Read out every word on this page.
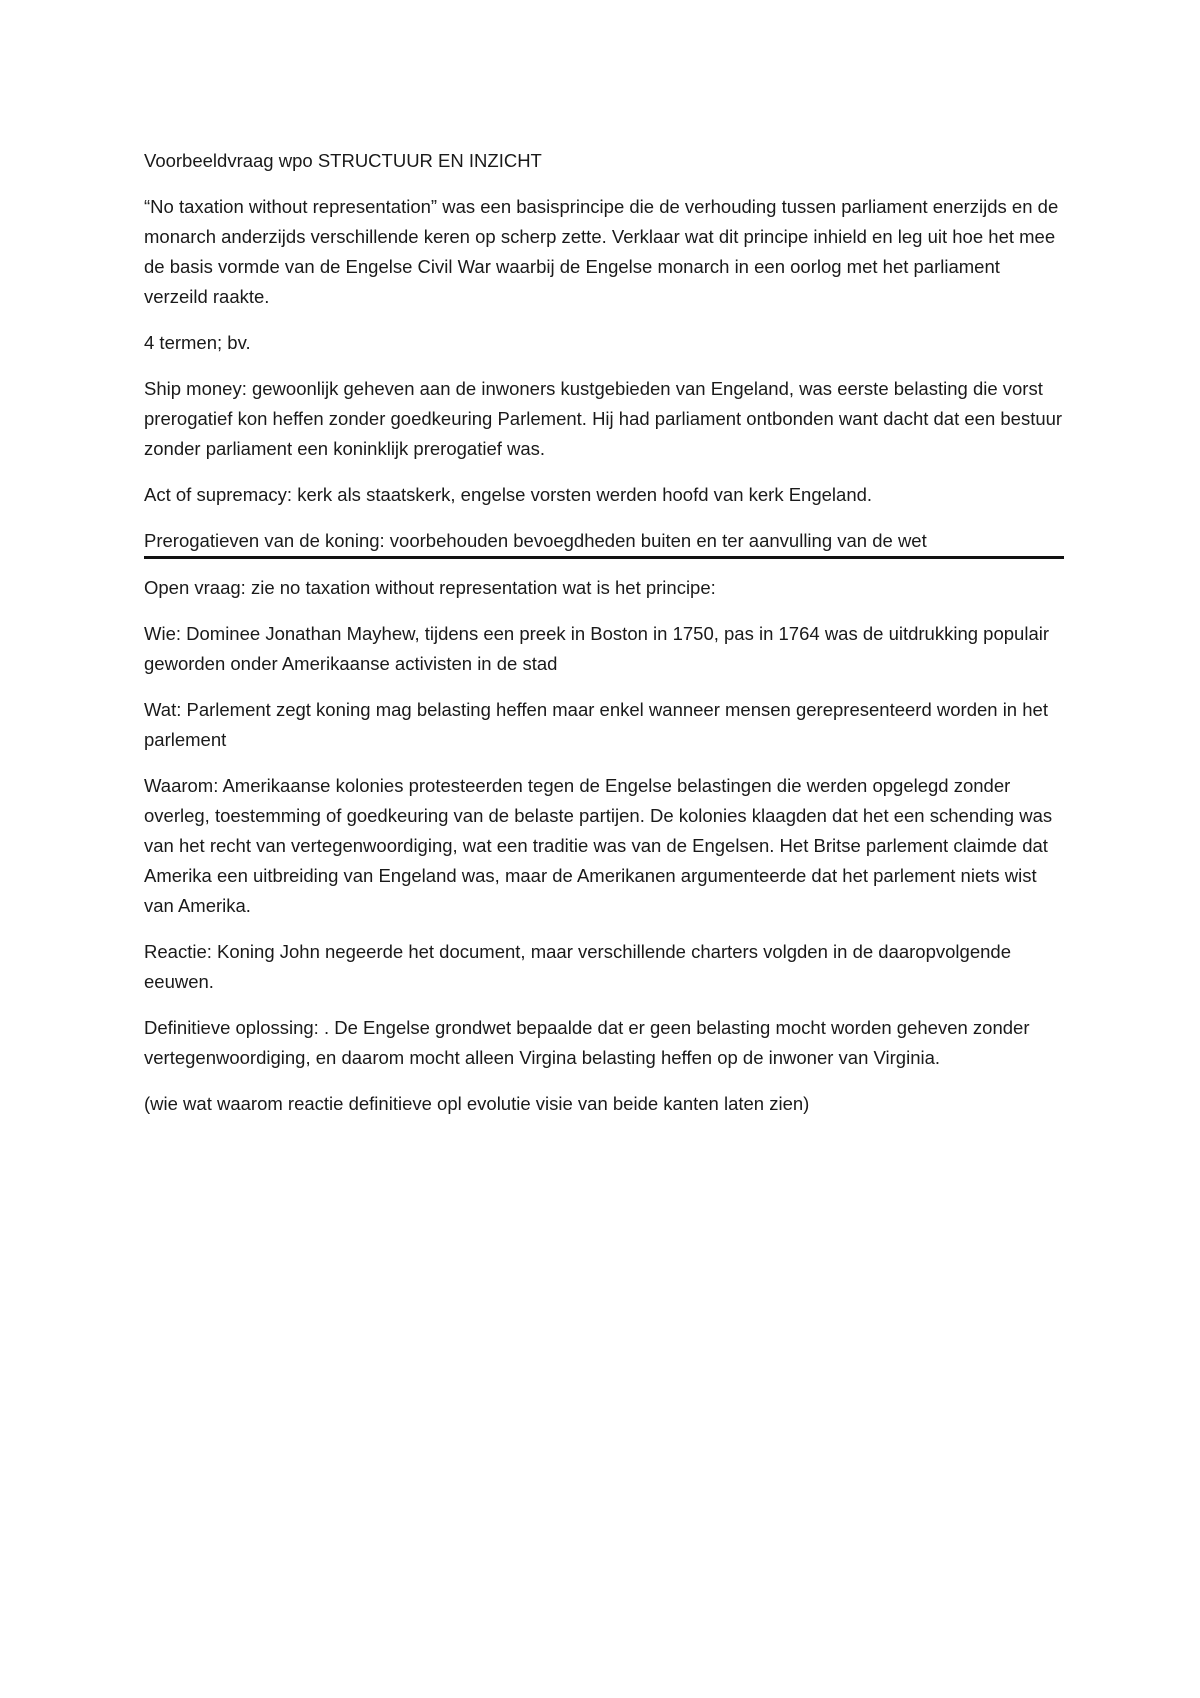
Voorbeeldvraag wpo STRUCTUUR EN INZICHT

“No taxation without representation” was een basisprincipe die de verhouding tussen parliament enerzijds en de monarch anderzijds verschillende keren op scherp zette. Verklaar wat dit principe inhield en leg uit hoe het mee de basis vormde van de Engelse Civil War waarbij de Engelse monarch in een oorlog met het parliament verzeild raakte.

4 termen; bv.

Ship money: gewoonlijk geheven aan de inwoners kustgebieden van Engeland, was eerste belasting die vorst prerogatief kon heffen zonder goedkeuring Parlement. Hij had parliament ontbonden want dacht dat een bestuur zonder parliament een koninklijk prerogatief was.

Act of supremacy: kerk als staatskerk, engelse vorsten werden hoofd van kerk Engeland.

Prerogatieven van de koning: voorbehouden bevoegdheden buiten en ter aanvulling van de wet

Open vraag: zie no taxation without representation wat is het principe:

Wie: Dominee Jonathan Mayhew, tijdens een preek in Boston in 1750, pas in 1764 was de uitdrukking populair geworden onder Amerikaanse activisten in de stad

Wat: Parlement zegt koning mag belasting heffen maar enkel wanneer mensen gerepresenteerd worden in het parlement

Waarom: Amerikaanse kolonies protesteerden tegen de Engelse belastingen die werden opgelegd zonder overleg, toestemming of goedkeuring van de belaste partijen. De kolonies klaagden dat het een schending was van het recht van vertegenwoordiging, wat een traditie was van de Engelsen. Het Britse parlement claimde dat Amerika een uitbreiding van Engeland was, maar de Amerikanen argumenteerde dat het parlement niets wist van Amerika.

Reactie: Koning John negeerde het document, maar verschillende charters volgden in de daaropvolgende eeuwen.

Definitieve oplossing: . De Engelse grondwet bepaalde dat er geen belasting mocht worden geheven zonder vertegenwoordiging, en daarom mocht alleen Virgina belasting heffen op de inwoner van Virginia.

(wie wat waarom reactie definitieve opl evolutie visie van beide kanten laten zien)
